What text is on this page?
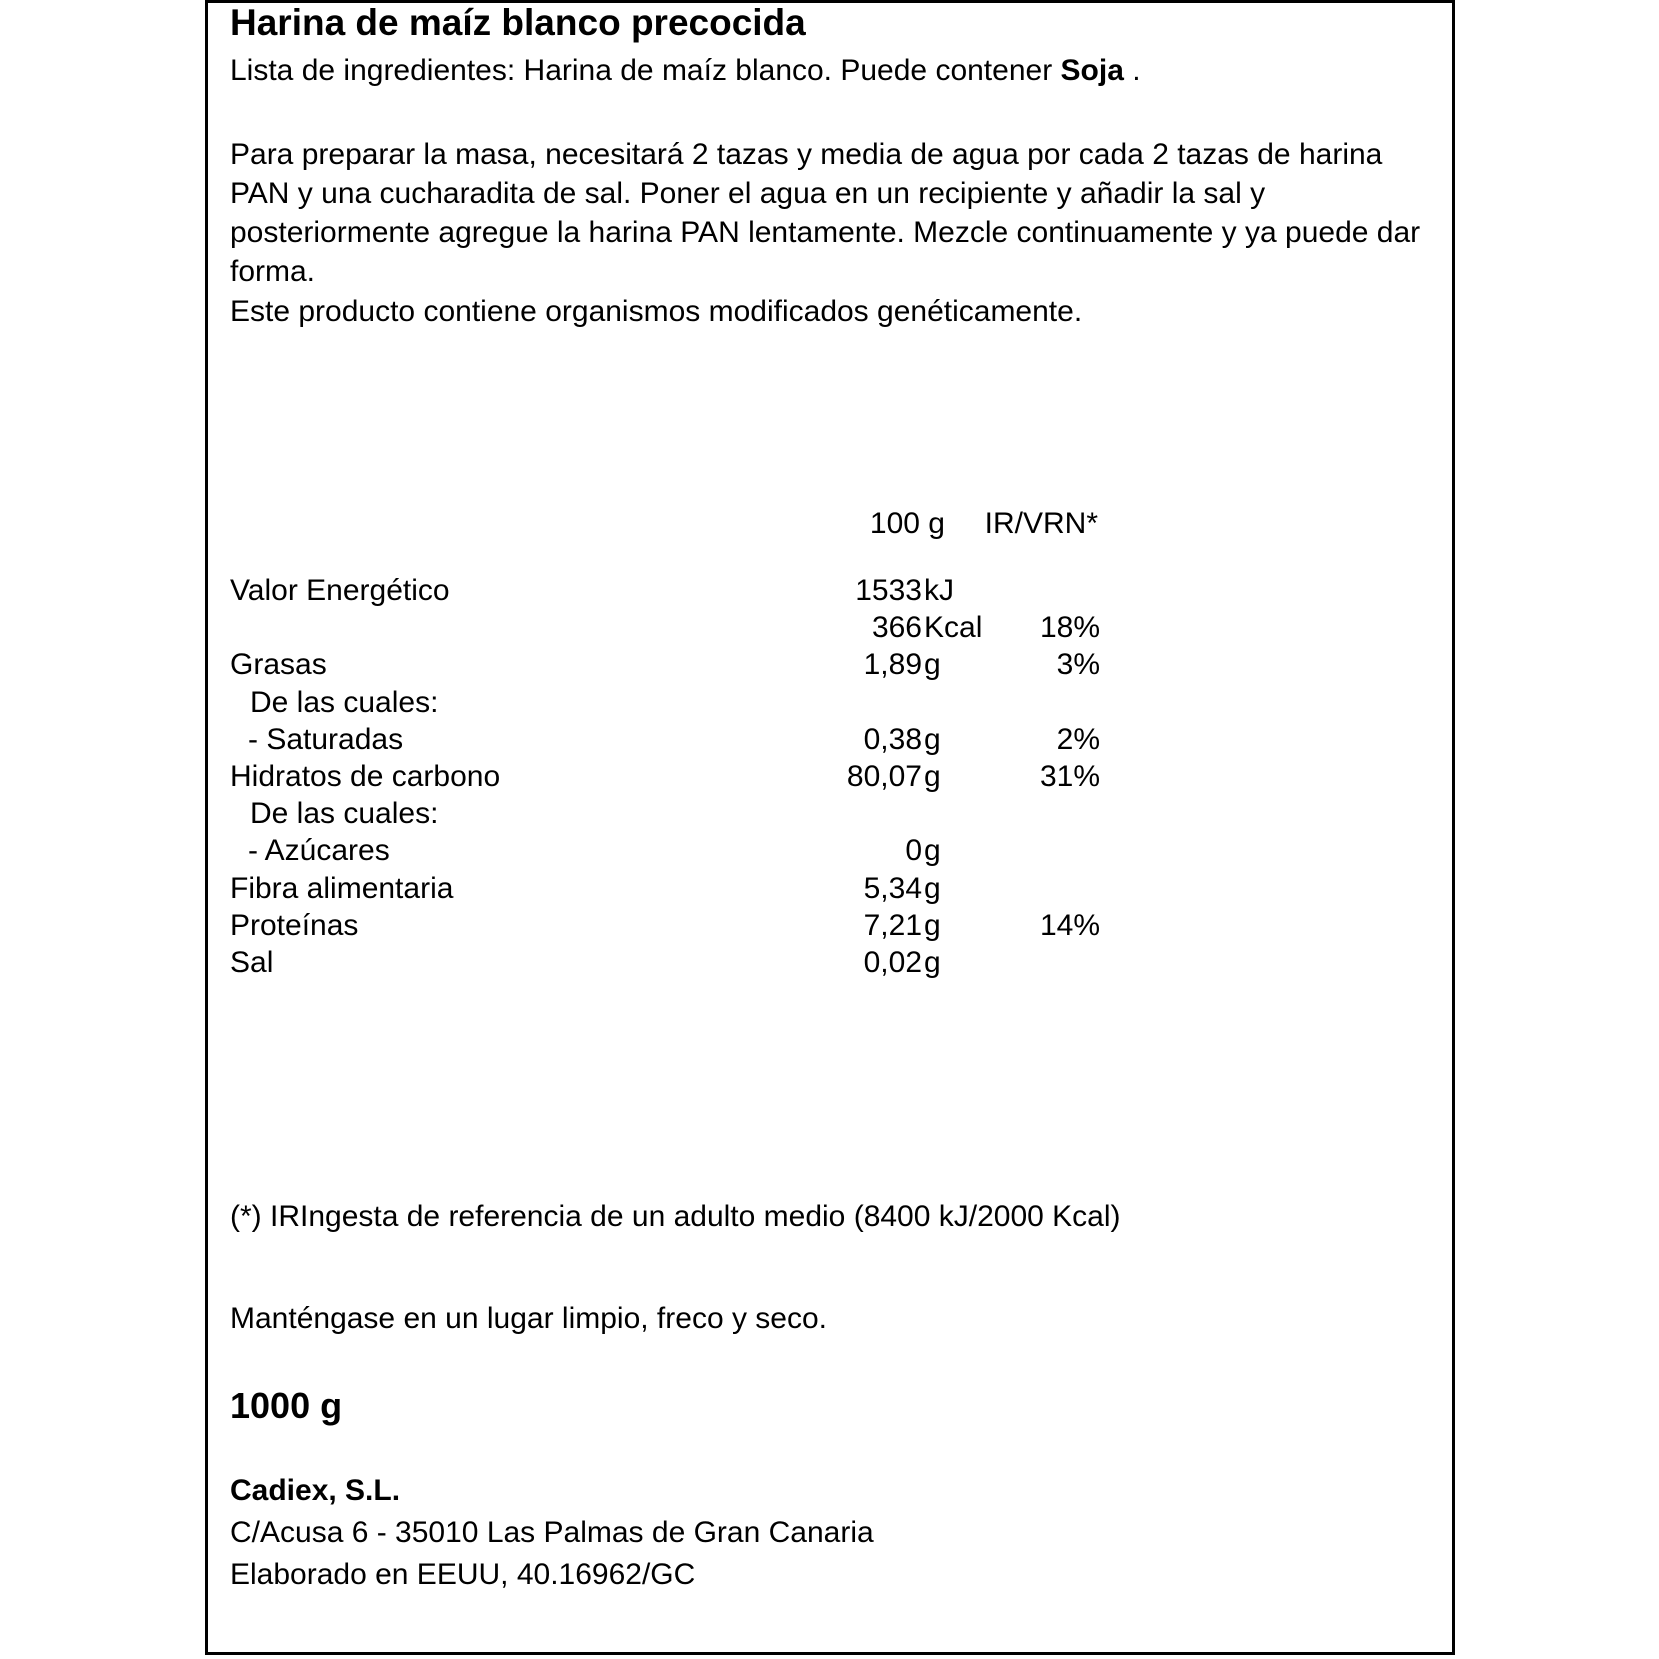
Harina de maíz blanco precocida
Lista de ingredientes: Harina de maíz blanco. Puede contener Soja .
Para preparar la masa, necesitará 2 tazas y media de agua por cada 2 tazas de harina PAN y una cucharadita de sal. Poner el agua en un recipiente y añadir la sal y posteriormente agregue la harina PAN lentamente. Mezcle continuamente y ya puede dar forma.
Este producto contiene organismos modificados genéticamente.
100 g	IR/VRN*
Valor Energético	1533 kJ
366 Kcal	18%
Grasas	1,89 g	3%
De las cuales:
- Saturadas	0,38 g	2%
Hidratos de carbono	80,07 g	31%
De las cuales:
- Azúcares	0 g
Fibra alimentaria	5,34 g
Proteínas	7,21 g	14%
Sal	0,02 g
(*) IRIngesta de referencia de un adulto medio (8400 kJ/2000 Kcal)
Manténgase en un lugar limpio, freco y seco.
1000 g
Cadiex, S.L.
C/Acusa 6 - 35010 Las Palmas de Gran Canaria
Elaborado en EEUU, 40.16962/GC
